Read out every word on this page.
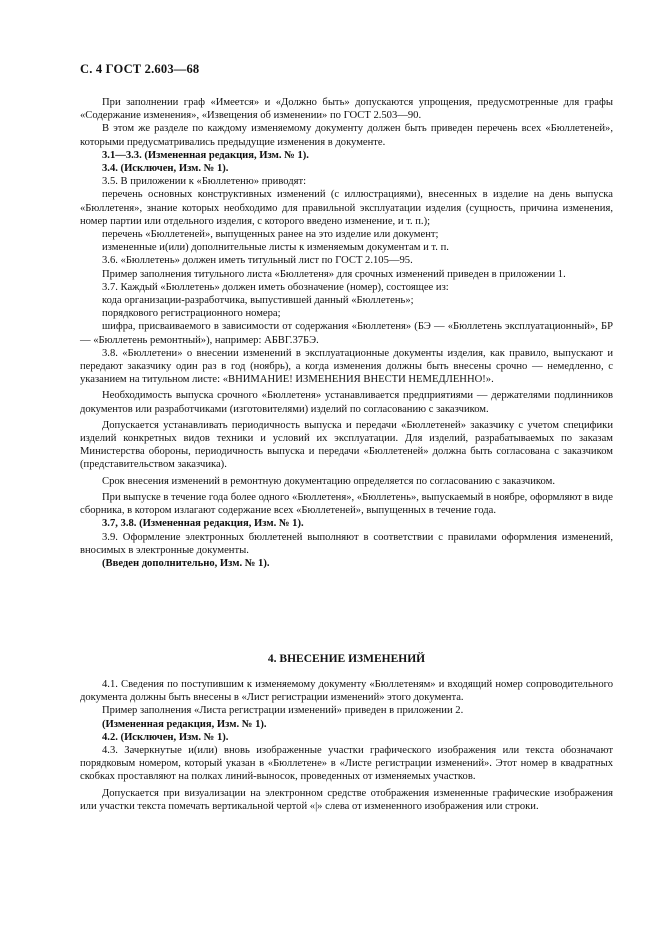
С. 4 ГОСТ 2.603—68

При заполнении граф «Имеется» и «Должно быть» допускаются упрощения, предусмотренные для графы «Содержание изменения», «Извещения об изменении» по ГОСТ 2.503—90.

В этом же разделе по каждому изменяемому документу должен быть приведен перечень всех «Бюллетеней», которыми предусматривались предыдущие изменения в документе.

3.1—3.3. (Измененная редакция, Изм. № 1).

3.4. (Исключен, Изм. № 1).

3.5. В приложении к «Бюллетеню» приводят:

перечень основных конструктивных изменений (с иллюстрациями), внесенных в изделие на день выпуска «Бюллетеня», знание которых необходимо для правильной эксплуатации изделия (сущность, причина изменения, номер партии или отдельного изделия, с которого введено изменение, и т. п.);

перечень «Бюллетеней», выпущенных ранее на это изделие или документ;

измененные и(или) дополнительные листы к изменяемым документам и т. п.

3.6. «Бюллетень» должен иметь титульный лист по ГОСТ 2.105—95.

Пример заполнения титульного листа «Бюллетеня» для срочных изменений приведен в приложении 1.

3.7. Каждый «Бюллетень» должен иметь обозначение (номер), состоящее из:

кода организации-разработчика, выпустившей данный «Бюллетень»;

порядкового регистрационного номера;

шифра, присваиваемого в зависимости от содержания «Бюллетеня» (БЭ — «Бюллетень эксплуатационный», БР — «Бюллетень ремонтный»), например: АБВГ.37БЭ.

3.8. «Бюллетени» о внесении изменений в эксплуатационные документы изделия, как правило, выпускают и передают заказчику один раз в год (ноябрь), а когда изменения должны быть внесены срочно — немедленно, с указанием на титульном листе: «ВНИМАНИЕ! ИЗМЕНЕНИЯ ВНЕСТИ НЕМЕДЛЕННО!».

Необходимость выпуска срочного «Бюллетеня» устанавливается предприятиями — держателями подлинников документов или разработчиками (изготовителями) изделий по согласованию с заказчиком.

Допускается устанавливать периодичность выпуска и передачи «Бюллетеней» заказчику с учетом специфики изделий конкретных видов техники и условий их эксплуатации. Для изделий, разрабатываемых по заказам Министерства обороны, периодичность выпуска и передачи «Бюллетеней» должна быть согласована с заказчиком (представительством заказчика).

Срок внесения изменений в ремонтную документацию определяется по согласованию с заказчиком.

При выпуске в течение года более одного «Бюллетеня», «Бюллетень», выпускаемый в ноябре, оформляют в виде сборника, в котором излагают содержание всех «Бюллетеней», выпущенных в течение года.

3.7, 3.8. (Измененная редакция, Изм. № 1).

3.9. Оформление электронных бюллетеней выполняют в соответствии с правилами оформления изменений, вносимых в электронные документы.

(Введен дополнительно, Изм. № 1).

4. ВНЕСЕНИЕ ИЗМЕНЕНИЙ

4.1. Сведения по поступившим к изменяемому документу «Бюллетеням» и входящий номер сопроводительного документа должны быть внесены в «Лист регистрации изменений» этого документа.

Пример заполнения «Листа регистрации изменений» приведен в приложении 2.

(Измененная редакция, Изм. № 1).

4.2. (Исключен, Изм. № 1).

4.3. Зачеркнутые и(или) вновь изображенные участки графического изображения или текста обозначают порядковым номером, который указан в «Бюллетене» в «Листе регистрации изменений». Этот номер в квадратных скобках проставляют на полках линий-выносок, проведенных от изменяемых участков.

Допускается при визуализации на электронном средстве отображения измененные графические изображения или участки текста помечать вертикальной чертой «|» слева от измененного изображения или строки.
